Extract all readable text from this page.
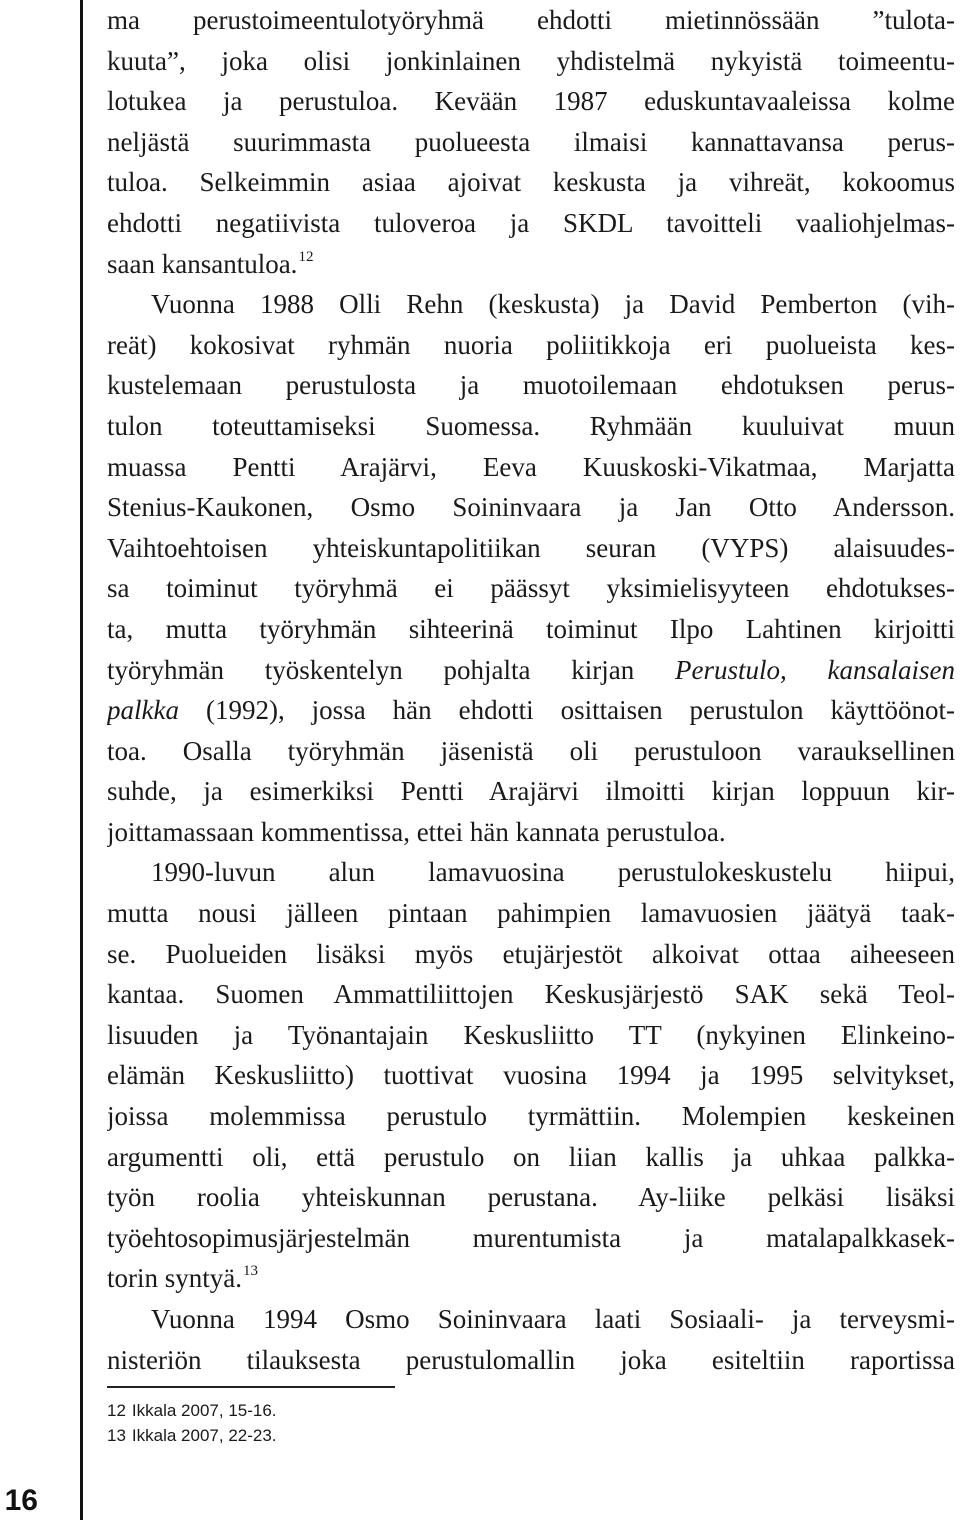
ma perustoimeentulotyöryhmä ehdotti mietinnössään ”tulota-
kuuta”, joka olisi jonkinlainen yhdistelmä nykyistä toimeentu-
lotukea ja perustuloa. Kevään 1987 eduskuntavaaleissa kolme
neljästä suurimmasta puolueesta ilmaisi kannattavansa perus-
tuloa. Selkeimmin asiaa ajoivat keskusta ja vihreät, kokoomus
ehdotti negatiivista tuloveroa ja SKDL tavoitteli vaaliohjelmas-
saan kansantuloa.$^{12}$
Vuonna 1988 Olli Rehn (keskusta) ja David Pemberton (vih-
reät) kokosivat ryhmän nuoria poliitikkoja eri puolueista kes-
kustelemaan perustulosta ja muotoilemaan ehdotuksen perus-
tulon toteuttamiseksi Suomessa. Ryhmään kuuluivat muun
muassa Pentti Arajärvi, Eeva Kuuskoski-Vikatmaa, Marjatta
Stenius-Kaukonen, Osmo Soininvaara ja Jan Otto Andersson.
Vaihtoehtoisen yhteiskuntapolitiikan seuran (VYPS) alaisuudes-
sa toiminut työryhmä ei päässyt yksimielisyyteen ehdotukses-
ta, mutta työryhmän sihteerinä toiminut Ilpo Lahtinen kirjoitti
työryhmän työskentelyn pohjalta kirjan Perustulo, kansalaisen
palkka (1992), jossa hän ehdotti osittaisen perustulon käyttöönot-
toa. Osalla työryhmän jäsenistä oli perustuloon varauksellinen
suhde, ja esimerkiksi Pentti Arajärvi ilmoitti kirjan loppuun kir-
joittamassaan kommentissa, ettei hän kannata perustuloa.
1990-luvun alun lamavuosina perustulokeskustelu hiipui,
mutta nousi jälleen pintaan pahimpien lamavuosien jäätyä taak-
se. Puolueiden lisäksi myös etujärjestöt alkoivat ottaa aiheeseen
kantaa. Suomen Ammattiliittojen Keskusjärjestö SAK sekä Teol-
lisuuden ja Työnantajain Keskusliitto TT (nykyinen Elinkeino-
elämän Keskusliitto) tuottivat vuosina 1994 ja 1995 selvitykset,
joissa molemmissa perustulo tyrmättiin. Molempien keskeinen
argumentti oli, että perustulo on liian kallis ja uhkaa palkka-
työn roolia yhteiskunnan perustana. Ay-liike pelkäsi lisäksi
työehtosopimusjärjestelmän murentumista ja matalapalkkasek-
torin syntyä.$^{13}$
Vuonna 1994 Osmo Soininvaara laati Sosiaali- ja terveysmi-
nisteriön tilauksesta perustulomallin joka esiteltiin raportissa
12 Ikkala 2007, 15-16.
13 Ikkala 2007, 22-23.
16
